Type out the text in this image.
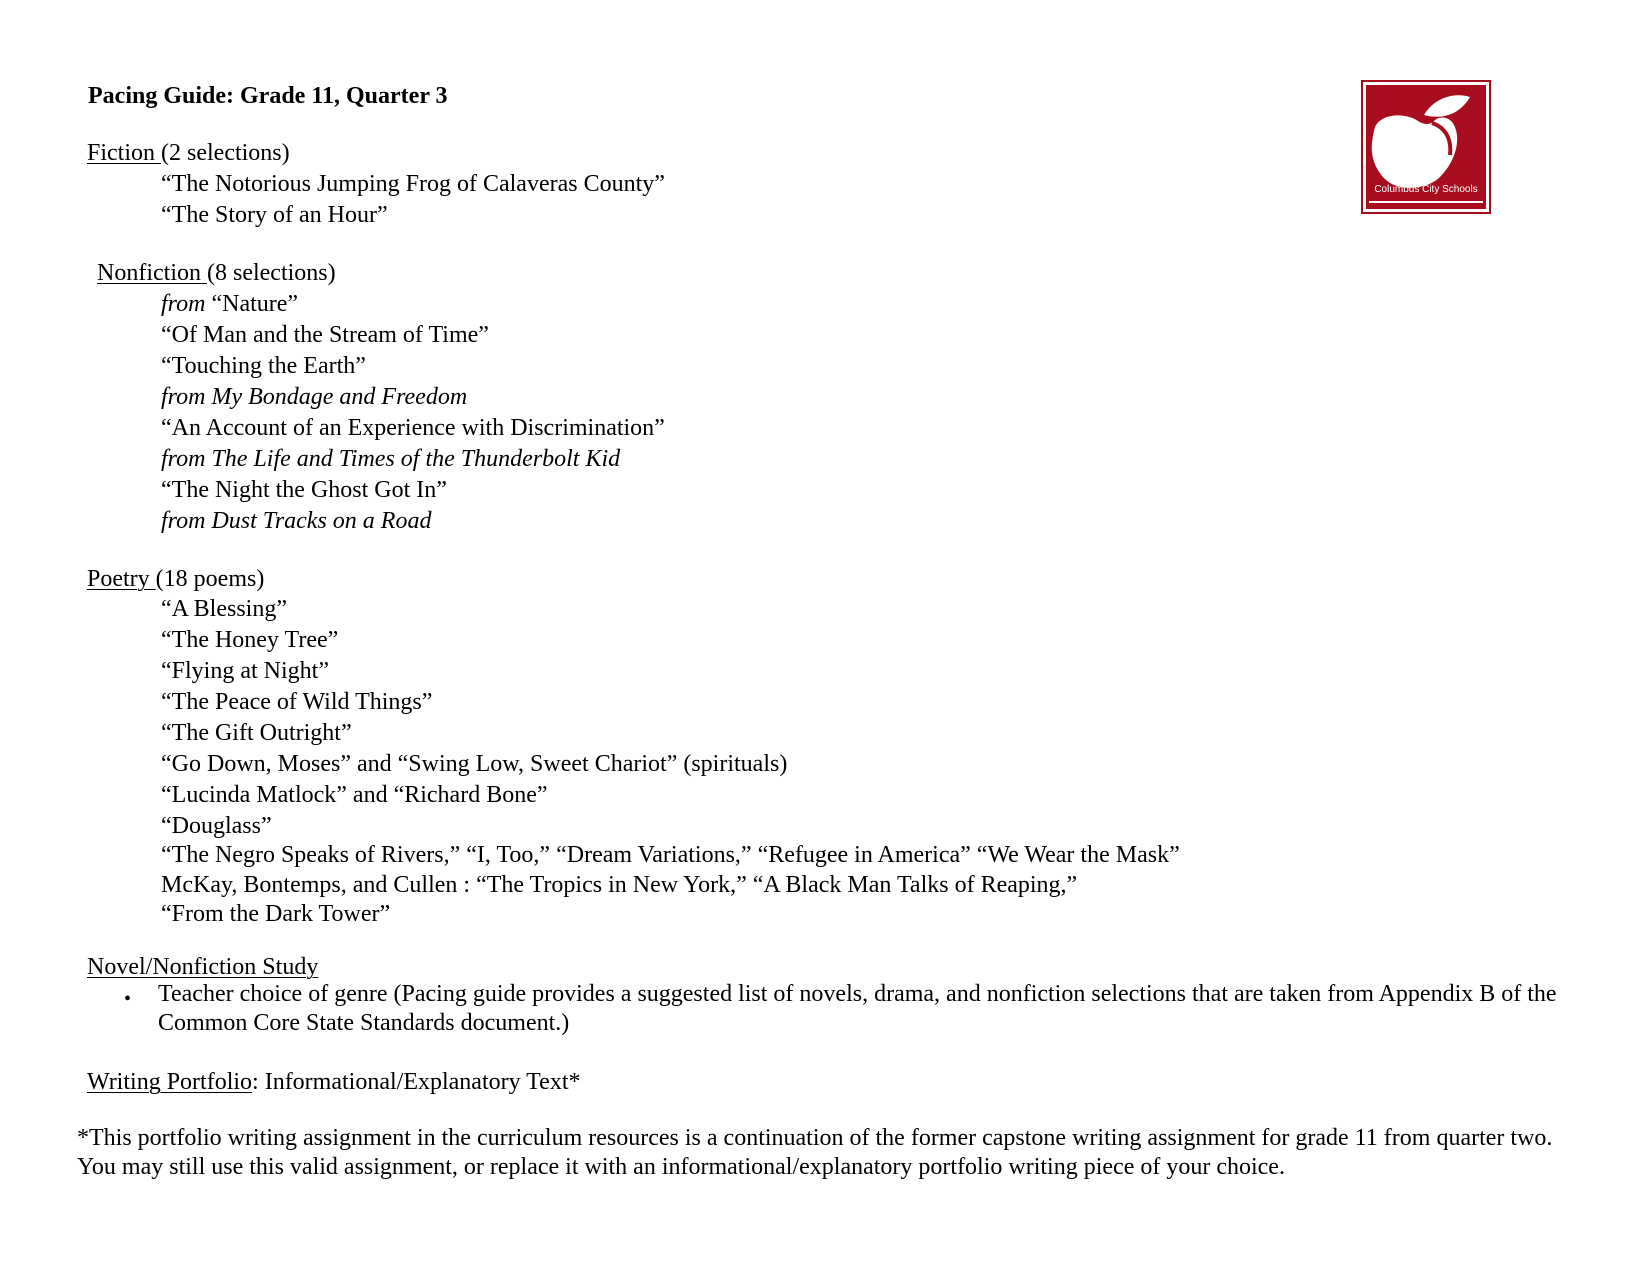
Pacing Guide: Grade 11, Quarter 3
Columbus City Schools
Fiction (2 selections)
“The Notorious Jumping Frog of Calaveras County”
“The Story of an Hour”
Nonfiction (8 selections)
from “Nature”
“Of Man and the Stream of Time”
“Touching the Earth”
from My Bondage and Freedom
“An Account of an Experience with Discrimination”
from The Life and Times of the Thunderbolt Kid
“The Night the Ghost Got In”
from Dust Tracks on a Road
Poetry (18 poems)
“A Blessing”
“The Honey Tree”
“Flying at Night”
“The Peace of Wild Things”
“The Gift Outright”
“Go Down, Moses” and “Swing Low, Sweet Chariot” (spirituals)
“Lucinda Matlock” and “Richard Bone”
“Douglass”
“The Negro Speaks of Rivers,” “I, Too,” “Dream Variations,” “Refugee in America” “We Wear the Mask”
McKay, Bontemps, and Cullen : “The Tropics in New York,” “A Black Man Talks of Reaping,”
“From the Dark Tower”
Novel/Nonfiction Study
• Teacher choice of genre (Pacing guide provides a suggested list of novels, drama, and nonfiction selections that are taken from Appendix B of the Common Core State Standards document.)
Writing Portfolio: Informational/Explanatory Text*
*This portfolio writing assignment in the curriculum resources is a continuation of the former capstone writing assignment for grade 11 from quarter two. You may still use this valid assignment, or replace it with an informational/explanatory portfolio writing piece of your choice.
